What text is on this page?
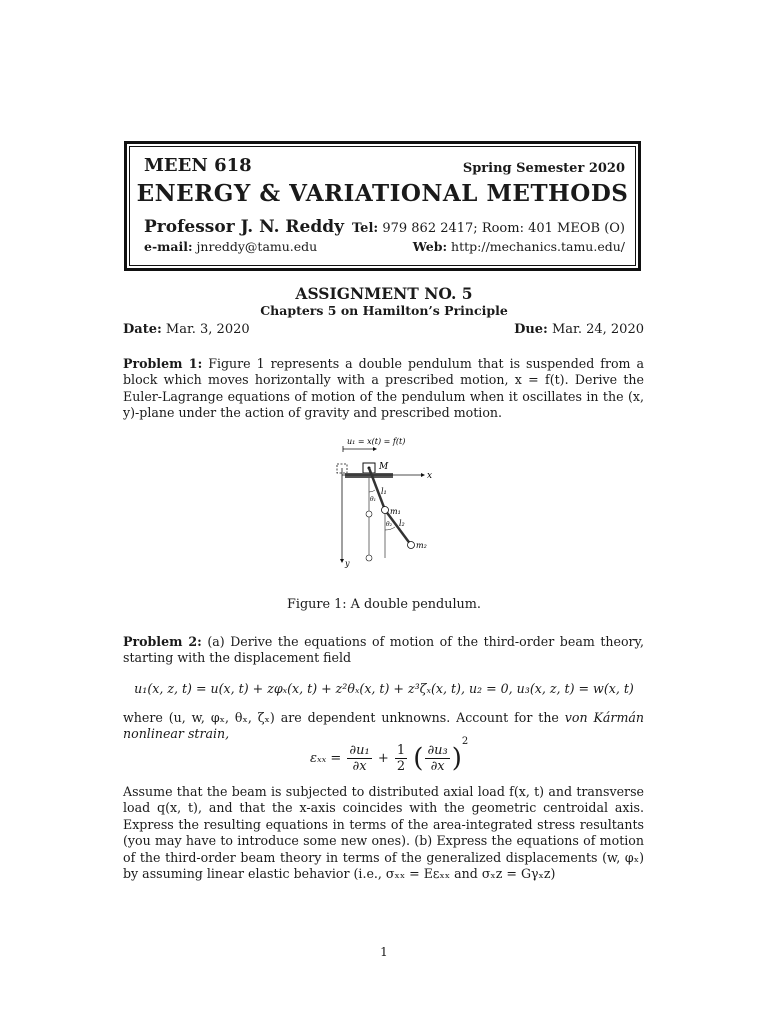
MEEN 618	Spring Semester 2020
ENERGY & VARIATIONAL METHODS
Professor J. N. Reddy Tel: 979 862 2417; Room: 401 MEOB (O)
e-mail: jnreddy@tamu.edu	Web: http://mechanics.tamu.edu/
ASSIGNMENT NO. 5
Chapters 5 on Hamilton’s Principle
Date: Mar. 3, 2020	Due: Mar. 24, 2020
Problem 1: Figure 1 represents a double pendulum that is suspended from a block which moves horizontally with a prescribed motion, x = f(t). Derive the Euler-Lagrange equations of motion of the pendulum when it oscillates in the (x, y)-plane under the action of gravity and prescribed motion.
u₁ = x(t) = f(t)
M
x
y
θ₁
θ₂
l₁
l₂
m₁
m₂
Figure 1: A double pendulum.
Problem 2: (a) Derive the equations of motion of the third-order beam theory, starting with the displacement field
u₁(x, z, t) = u(x, t) + zφₓ(x, t) + z²θₓ(x, t) + z³ζₓ(x, t), u₂ = 0, u₃(x, z, t) = w(x, t)
where (u, w, φₓ, θₓ, ζₓ) are dependent unknowns. Account for the von Kármán nonlinear strain,
$\varepsilon_{xx} = \frac{\text{∂u₁}}{\partial x} + \frac{1}{2}$ ( $\frac{\text{∂u₃}}{\partial x} )^2$
Assume that the beam is subjected to distributed axial load f(x, t) and transverse load q(x, t), and that the x-axis coincides with the geometric centroidal axis. Express the resulting equations in terms of the area-integrated stress resultants (you may have to introduce some new ones). (b) Express the equations of motion of the third-order beam theory in terms of the generalized displacements (w, φₓ) by assuming linear elastic behavior (i.e., σₓₓ = Eεₓₓ and σₓz = Gγₓz)
1
